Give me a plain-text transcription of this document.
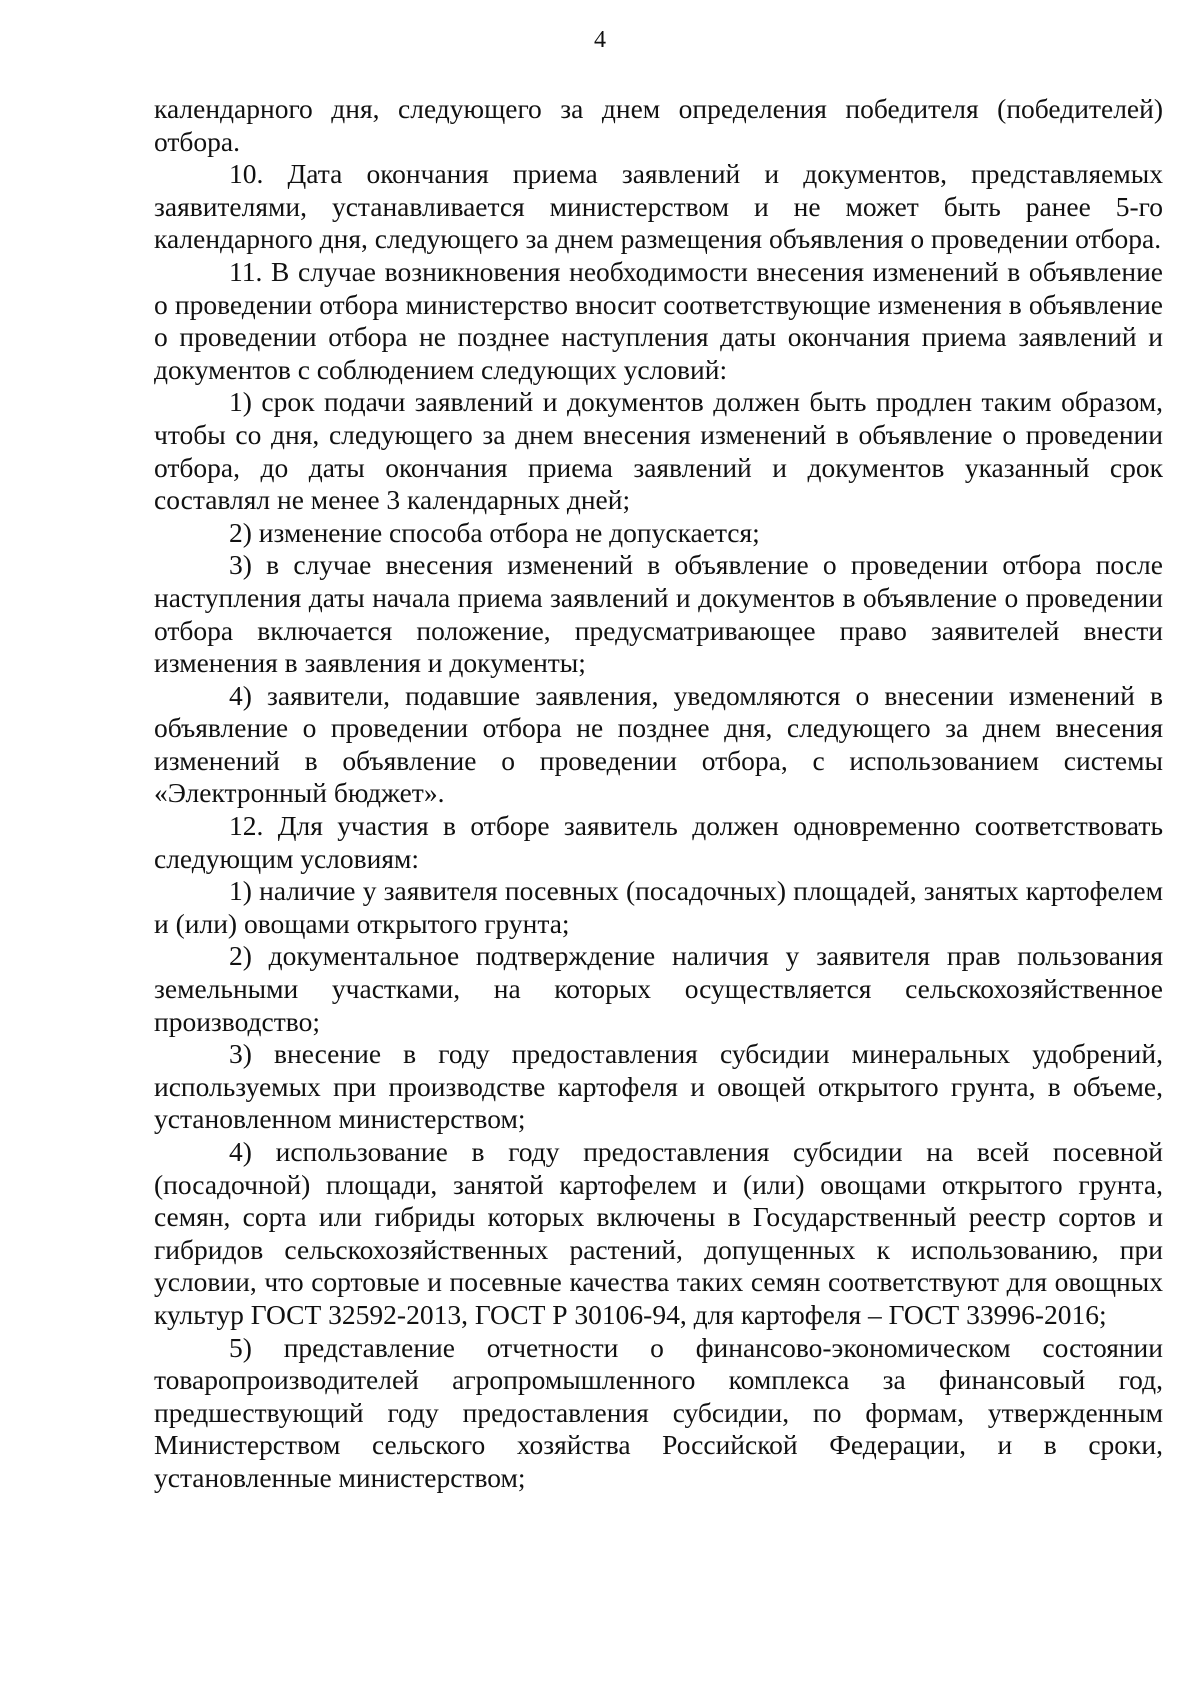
4

календарного дня, следующего за днем определения победителя (победителей) отбора.

10. Дата окончания приема заявлений и документов, представляемых заявителями, устанавливается министерством и не может быть ранее 5-го календарного дня, следующего за днем размещения объявления о проведении отбора.

11. В случае возникновения необходимости внесения изменений в объявление о проведении отбора министерство вносит соответствующие изменения в объявление о проведении отбора не позднее наступления даты окончания приема заявлений и документов с соблюдением следующих условий:

1) срок подачи заявлений и документов должен быть продлен таким образом, чтобы со дня, следующего за днем внесения изменений в объявление о проведении отбора, до даты окончания приема заявлений и документов указанный срок составлял не менее 3 календарных дней;

2) изменение способа отбора не допускается;

3) в случае внесения изменений в объявление о проведении отбора после наступления даты начала приема заявлений и документов в объявление о проведении отбора включается положение, предусматривающее право заявителей внести изменения в заявления и документы;

4) заявители, подавшие заявления, уведомляются о внесении изменений в объявление о проведении отбора не позднее дня, следующего за днем внесения изменений в объявление о проведении отбора, с использованием системы «Электронный бюджет».

12. Для участия в отборе заявитель должен одновременно соответствовать следующим условиям:

1) наличие у заявителя посевных (посадочных) площадей, занятых картофелем и (или) овощами открытого грунта;

2) документальное подтверждение наличия у заявителя прав пользования земельными участками, на которых осуществляется сельскохозяйственное производство;

3) внесение в году предоставления субсидии минеральных удобрений, используемых при производстве картофеля и овощей открытого грунта, в объеме, установленном министерством;

4) использование в году предоставления субсидии на всей посевной (посадочной) площади, занятой картофелем и (или) овощами открытого грунта, семян, сорта или гибриды которых включены в Государственный реестр сортов и гибридов сельскохозяйственных растений, допущенных к использованию, при условии, что сортовые и посевные качества таких семян соответствуют для овощных культур ГОСТ 32592-2013, ГОСТ Р 30106-94, для картофеля – ГОСТ 33996-2016;

5) представление отчетности о финансово-экономическом состоянии товаропроизводителей агропромышленного комплекса за финансовый год, предшествующий году предоставления субсидии, по формам, утвержденным Министерством сельского хозяйства Российской Федерации, и в сроки, установленные министерством;
